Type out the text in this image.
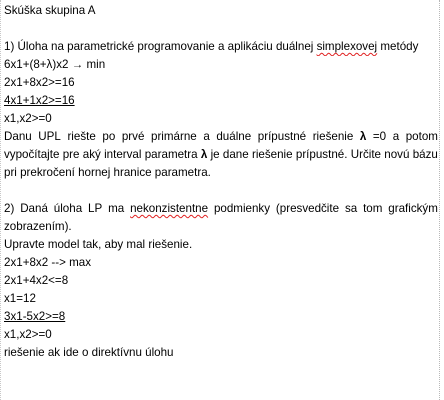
Skúška skupina A
1) Úloha na parametrické programovanie a aplikáciu duálnej simplexovej metódy
6x1+(8+λ)x2 → min
2x1+8x2>=16
4x1+1x2>=16
x1,x2>=0
Danu UPL riešte po prvé primárne a duálne prípustné riešenie λ =0 a potom
vypočítajte pre aký interval parametra λ je dane riešenie prípustné. Určite novú bázu
pri prekročení hornej hranice parametra.
2) Daná úloha LP ma nekonzistentne podmienky (presvedčite sa tom grafickým
zobrazením).
Upravte model tak, aby mal riešenie.
2x1+8x2 --> max
2x1+4x2<=8
x1=12
3x1-5x2>=8
x1,x2>=0
riešenie ak ide o direktívnu úlohu
